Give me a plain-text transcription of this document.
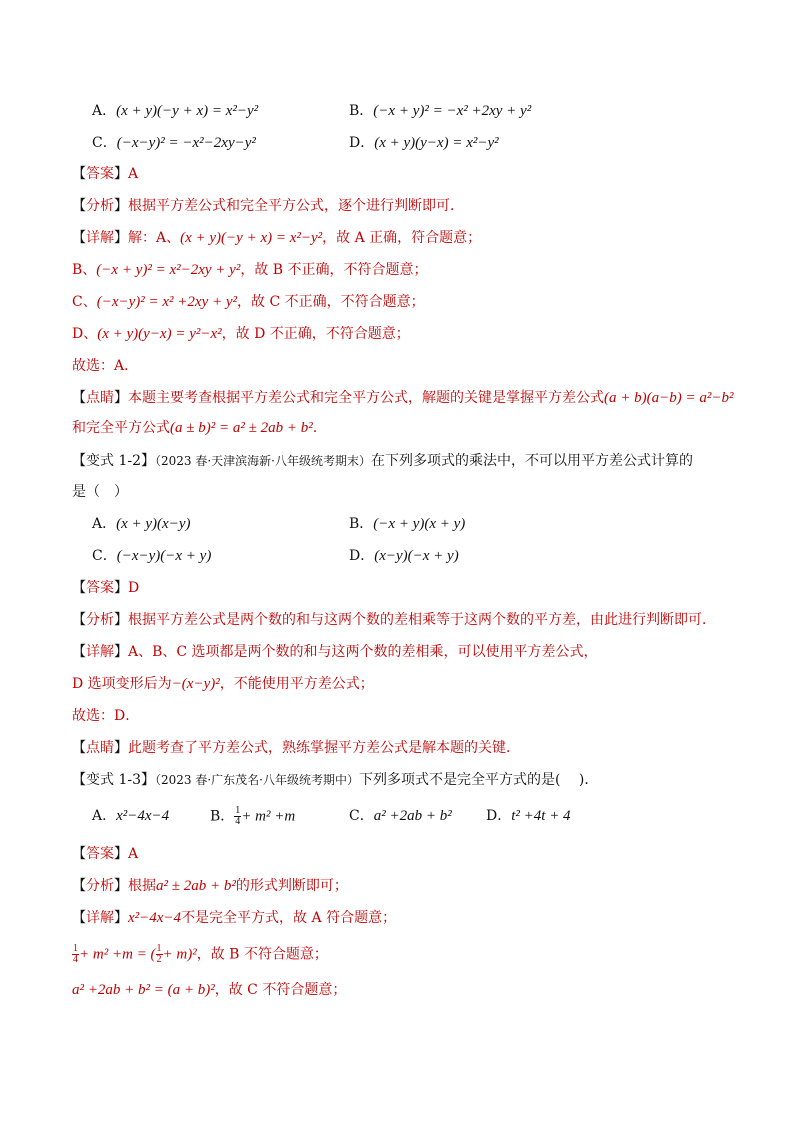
A．(x + y)(−y + x) = x²−y²	B．(−x + y)² = −x² +2xy + y²
C．(−x−y)² = −x²−2xy−y²	D．(x + y)(y−x) = x²−y²
【答案】A
【分析】根据平方差公式和完全平方公式，逐个进行判断即可．
【详解】解：A、(x + y)(−y + x) = x²−y²，故 A 正确，符合题意；
B、(−x + y)² = x²−2xy + y²，故 B 不正确，不符合题意；
C、(−x−y)² = x² +2xy + y²，故 C 不正确，不符合题意；
D、(x + y)(y−x) = y²−x²，故 D 不正确，不符合题意；
故选：A．
【点睛】本题主要考查根据平方差公式和完全平方公式，解题的关键是掌握平方差公式(a + b)(a−b) = a²−b²
和完全平方公式(a ± b)² = a² ± 2ab + b².
【变式 1-2】（2023 春·天津滨海新·八年级统考期末）在下列多项式的乘法中，不可以用平方差公式计算的
是（　）
A．(x + y)(x−y)	B．(−x + y)(x + y)
C．(−x−y)(−x + y)	D．(x−y)(−x + y)
【答案】D
【分析】根据平方差公式是两个数的和与这两个数的差相乘等于这两个数的平方差，由此进行判断即可．
【详解】A、B、C 选项都是两个数的和与这两个数的差相乘，可以使用平方差公式，
D 选项变形后为−(x−y)²，不能使用平方差公式；
故选：D．
【点睛】此题考查了平方差公式，熟练掌握平方差公式是解本题的关键．
【变式 1-3】（2023 春·广东茂名·八年级统考期中）下列多项式不是完全平方式的是(　 )．
A．x²−4x−4	B． $\frac{1}{4} + m^2 +m$	C．a² +2ab + b² D．t² +4t + 4
【答案】A
【分析】根据a² ± 2ab + b²的形式判断即可；
【详解】x²−4x−4不是完全平方式，故 A 符合题意；
$\frac{1}{4} + m^2 +m$ = ( $\frac{1}{2} + m)^2$，故 B 不符合题意；
a² +2ab + b² = (a + b)²，故 C 不符合题意；
